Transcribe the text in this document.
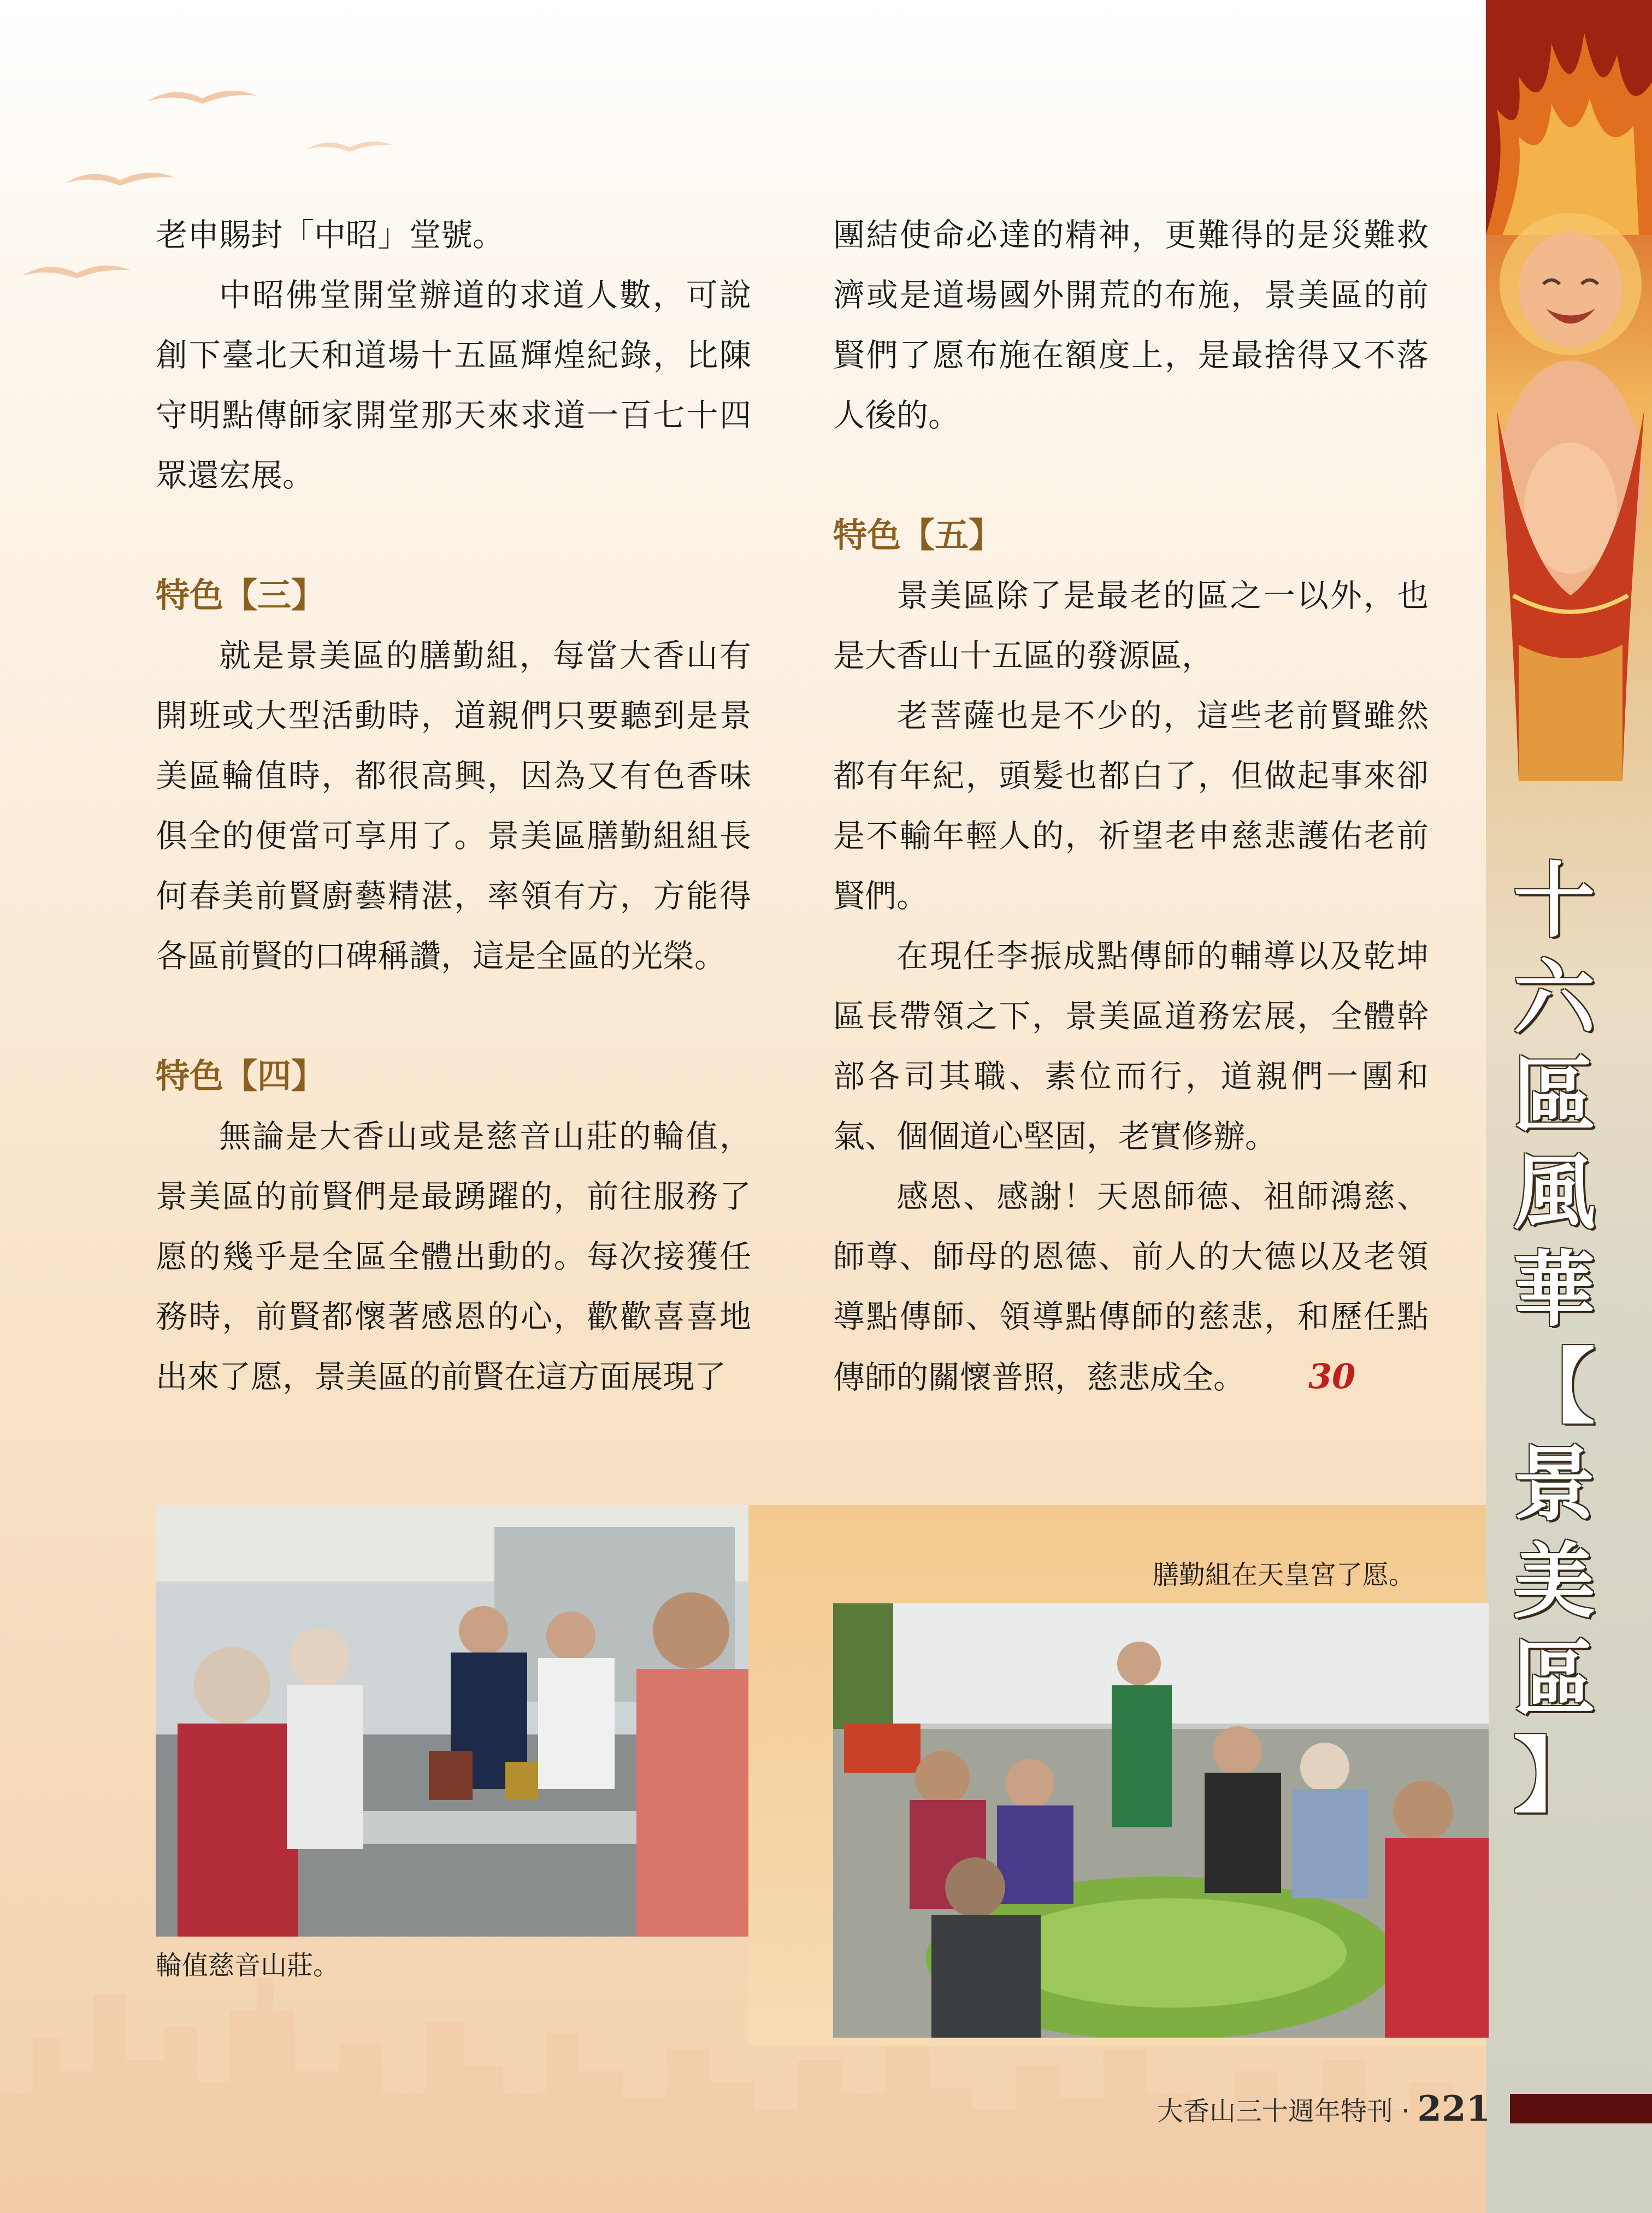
十
六
區
風
華
【
景
美
區
】

老申賜封「中昭」堂號。

中昭佛堂開堂辦道的求道人數，可說創下臺北天和道場十五區輝煌紀錄，比陳守明點傳師家開堂那天來求道一百七十四眾還宏展。

特色【三】

就是景美區的膳勤組，每當大香山有開班或大型活動時，道親們只要聽到是景美區輪值時，都很高興，因為又有色香味俱全的便當可享用了。景美區膳勤組組長何春美前賢廚藝精湛，率領有方，方能得各區前賢的口碑稱讚，這是全區的光榮。

特色【四】

無論是大香山或是慈音山莊的輪值，景美區的前賢們是最踴躍的，前往服務了愿的幾乎是全區全體出動的。每次接獲任務時，前賢都懷著感恩的心，歡歡喜喜地出來了愿，景美區的前賢在這方面展現了

團結使命必達的精神，更難得的是災難救濟或是道場國外開荒的布施，景美區的前賢們了愿布施在額度上，是最捨得又不落人後的。

特色【五】

景美區除了是最老的區之一以外，也是大香山十五區的發源區，

老菩薩也是不少的，這些老前賢雖然都有年紀，頭髮也都白了，但做起事來卻是不輸年輕人的，祈望老申慈悲護佑老前賢們。

在現任李振成點傳師的輔導以及乾坤區長帶領之下，景美區道務宏展，全體幹部各司其職、素位而行，道親們一團和氣、個個道心堅固，老實修辦。

感恩、感謝！天恩師德、祖師鴻慈、師尊、師母的恩德、前人的大德以及老領導點傳師、領導點傳師的慈悲，和歷任點傳師的關懷普照，慈悲成全。 30

輪值慈音山莊。
膳勤組在天皇宮了愿。
大香山三十週年特刊 · 221
